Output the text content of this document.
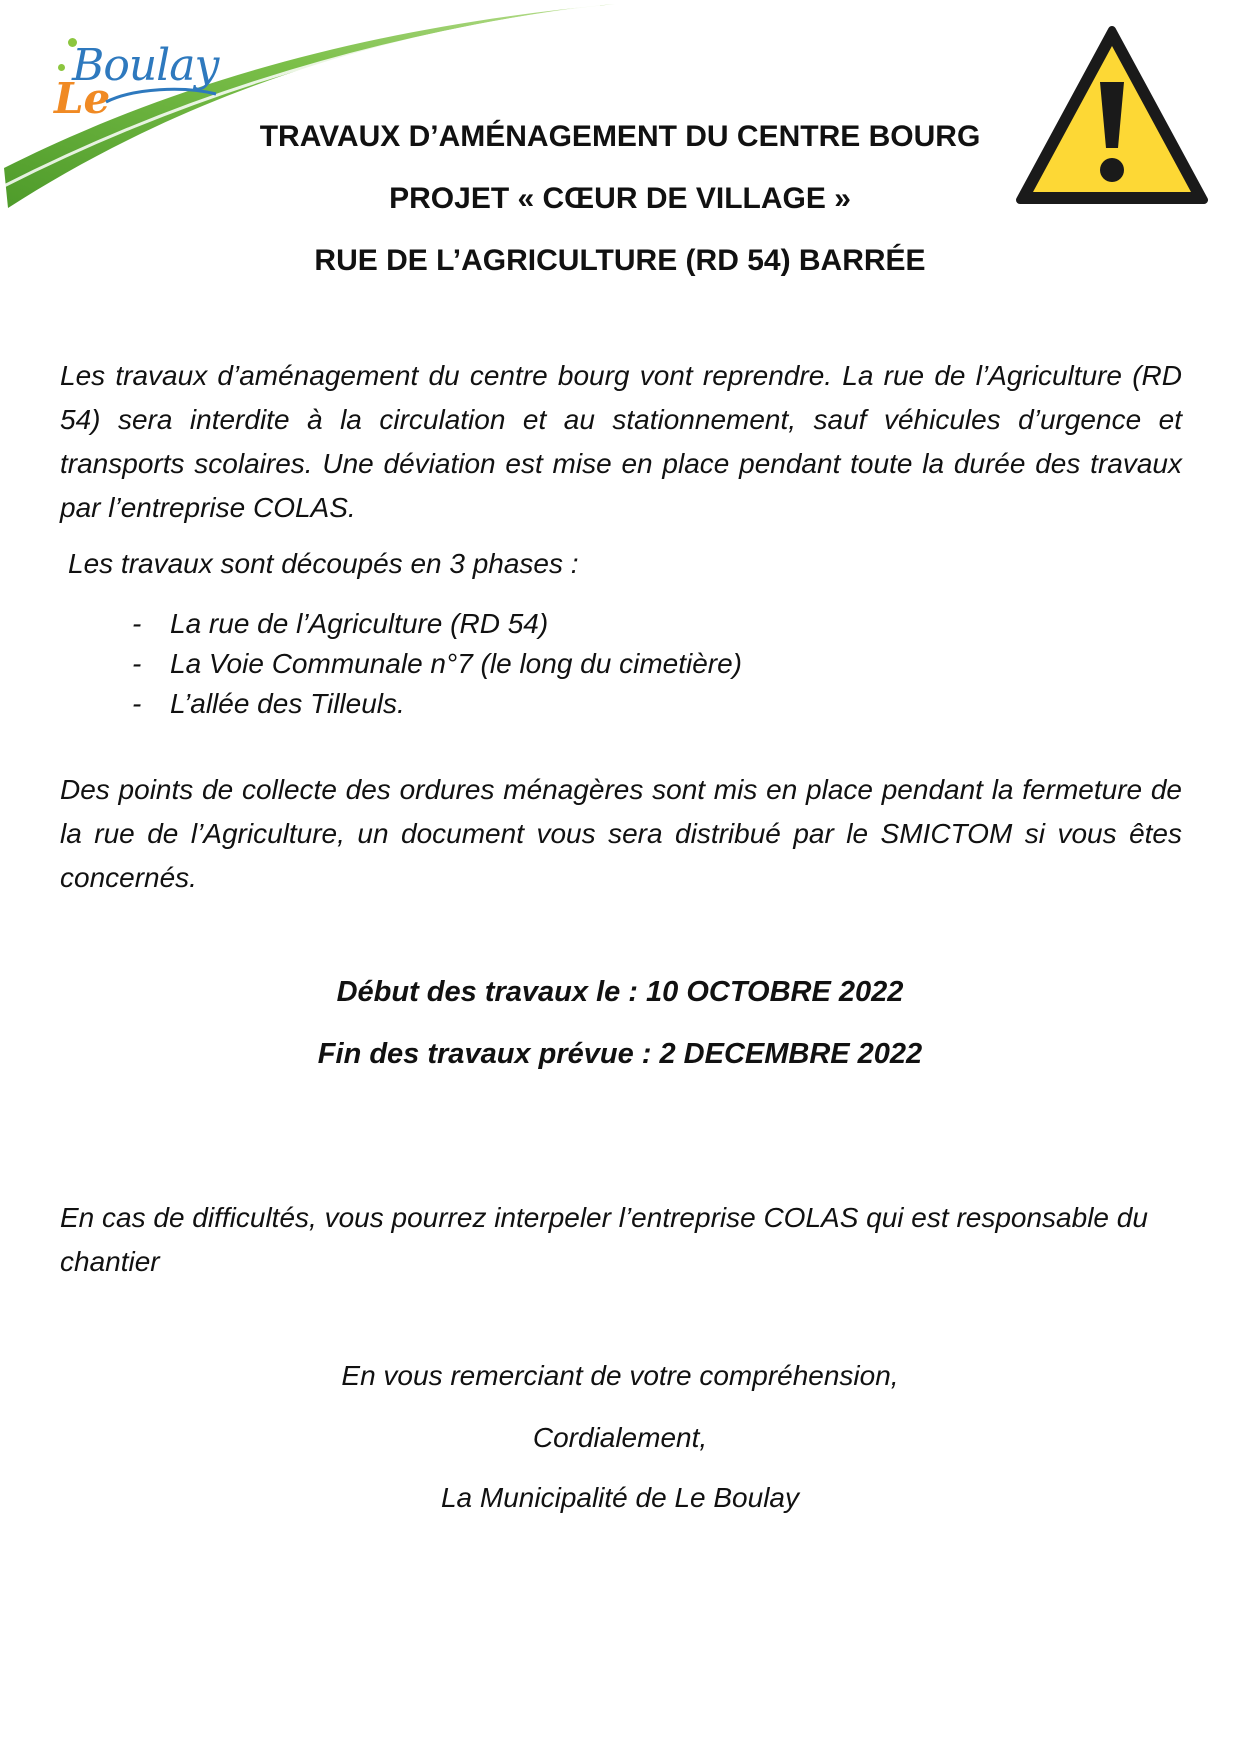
Boulay
Le
TRAVAUX D’AMÉNAGEMENT DU CENTRE BOURG
PROJET « CŒUR DE VILLAGE »
RUE DE L’AGRICULTURE (RD 54) BARRÉE

Les travaux d’aménagement du centre bourg vont reprendre. La rue de l’Agriculture (RD 54) sera interdite à la circulation et au stationnement, sauf véhicules d’urgence et transports scolaires. Une déviation est mise en place pendant toute la durée des travaux par l’entreprise COLAS.

Les travaux sont découpés en 3 phases :

- La rue de l’Agriculture (RD 54)
- La Voie Communale n°7 (le long du cimetière)
- L’allée des Tilleuls.

Des points de collecte des ordures ménagères sont mis en place pendant la fermeture de la rue de l’Agriculture, un document vous sera distribué par le SMICTOM si vous êtes concernés.

Début des travaux le : 10 OCTOBRE 2022

Fin des travaux prévue : 2 DECEMBRE 2022

En cas de difficultés, vous pourrez interpeler l’entreprise COLAS qui est responsable du chantier

En vous remerciant de votre compréhension,

Cordialement,

La Municipalité de Le Boulay
